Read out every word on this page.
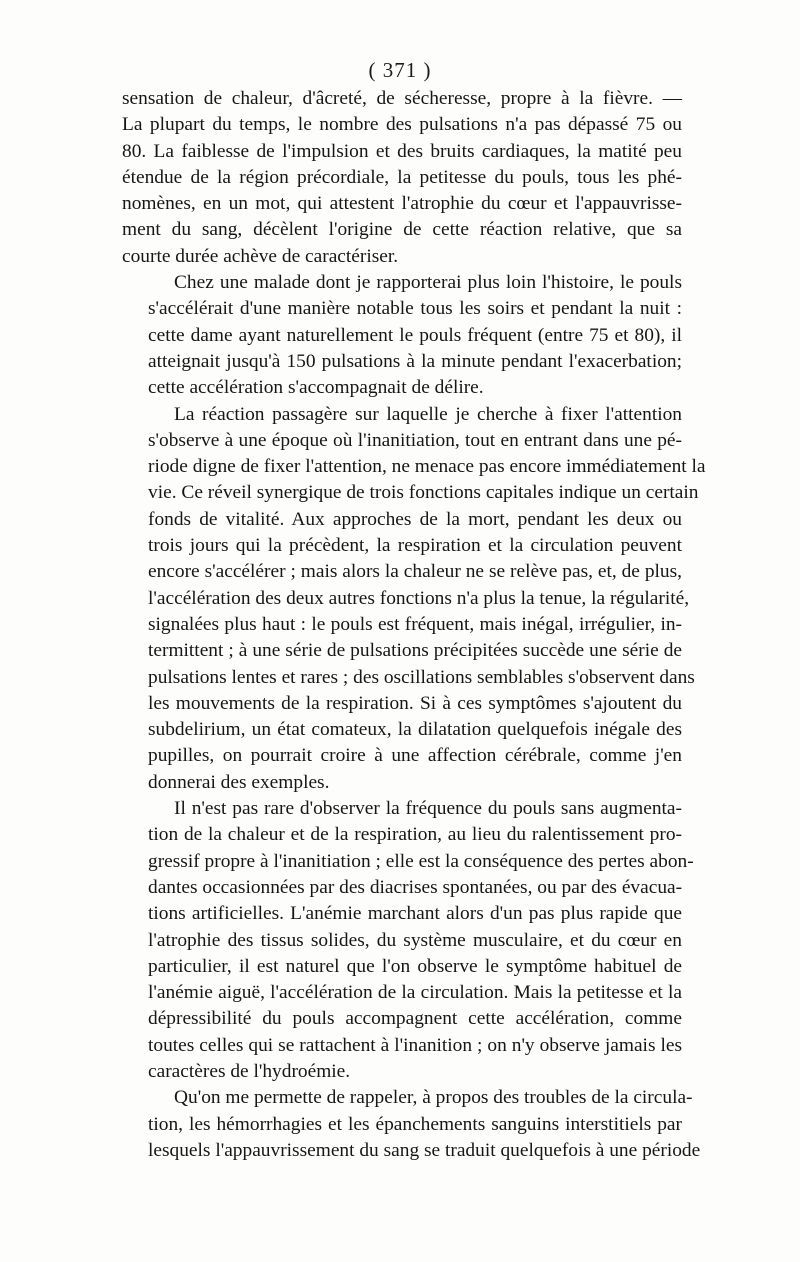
( 371 )
sensation de chaleur, d'âcreté, de sécheresse, propre à la fièvre. —
La plupart du temps, le nombre des pulsations n'a pas dépassé 75 ou
80. La faiblesse de l'impulsion et des bruits cardiaques, la matité peu
étendue de la région précordiale, la petitesse du pouls, tous les phé-
nomènes, en un mot, qui attestent l'atrophie du cœur et l'appauvrisse-
ment du sang, décèlent l'origine de cette réaction relative, que sa
courte durée achève de caractériser.
Chez une malade dont je rapporterai plus loin l'histoire, le pouls
s'accélérait d'une manière notable tous les soirs et pendant la nuit :
cette dame ayant naturellement le pouls fréquent (entre 75 et 80), il
atteignait jusqu'à 150 pulsations à la minute pendant l'exacerbation;
cette accélération s'accompagnait de délire.
La réaction passagère sur laquelle je cherche à fixer l'attention
s'observe à une époque où l'inanitiation, tout en entrant dans une pé-
riode digne de fixer l'attention, ne menace pas encore immédiatement la
vie. Ce réveil synergique de trois fonctions capitales indique un certain
fonds de vitalité. Aux approches de la mort, pendant les deux ou
trois jours qui la précèdent, la respiration et la circulation peuvent
encore s'accélérer ; mais alors la chaleur ne se relève pas, et, de plus,
l'accélération des deux autres fonctions n'a plus la tenue, la régularité,
signalées plus haut : le pouls est fréquent, mais inégal, irrégulier, in-
termittent ; à une série de pulsations précipitées succède une série de
pulsations lentes et rares ; des oscillations semblables s'observent dans
les mouvements de la respiration. Si à ces symptômes s'ajoutent du
subdelirium, un état comateux, la dilatation quelquefois inégale des
pupilles, on pourrait croire à une affection cérébrale, comme j'en
donnerai des exemples.
Il n'est pas rare d'observer la fréquence du pouls sans augmenta-
tion de la chaleur et de la respiration, au lieu du ralentissement pro-
gressif propre à l'inanitiation ; elle est la conséquence des pertes abon-
dantes occasionnées par des diacrises spontanées, ou par des évacua-
tions artificielles. L'anémie marchant alors d'un pas plus rapide que
l'atrophie des tissus solides, du système musculaire, et du cœur en
particulier, il est naturel que l'on observe le symptôme habituel de
l'anémie aiguë, l'accélération de la circulation. Mais la petitesse et la
dépressibilité du pouls accompagnent cette accélération, comme
toutes celles qui se rattachent à l'inanition ; on n'y observe jamais les
caractères de l'hydroémie.
Qu'on me permette de rappeler, à propos des troubles de la circula-
tion, les hémorrhagies et les épanchements sanguins interstitiels par
lesquels l'appauvrissement du sang se traduit quelquefois à une période
